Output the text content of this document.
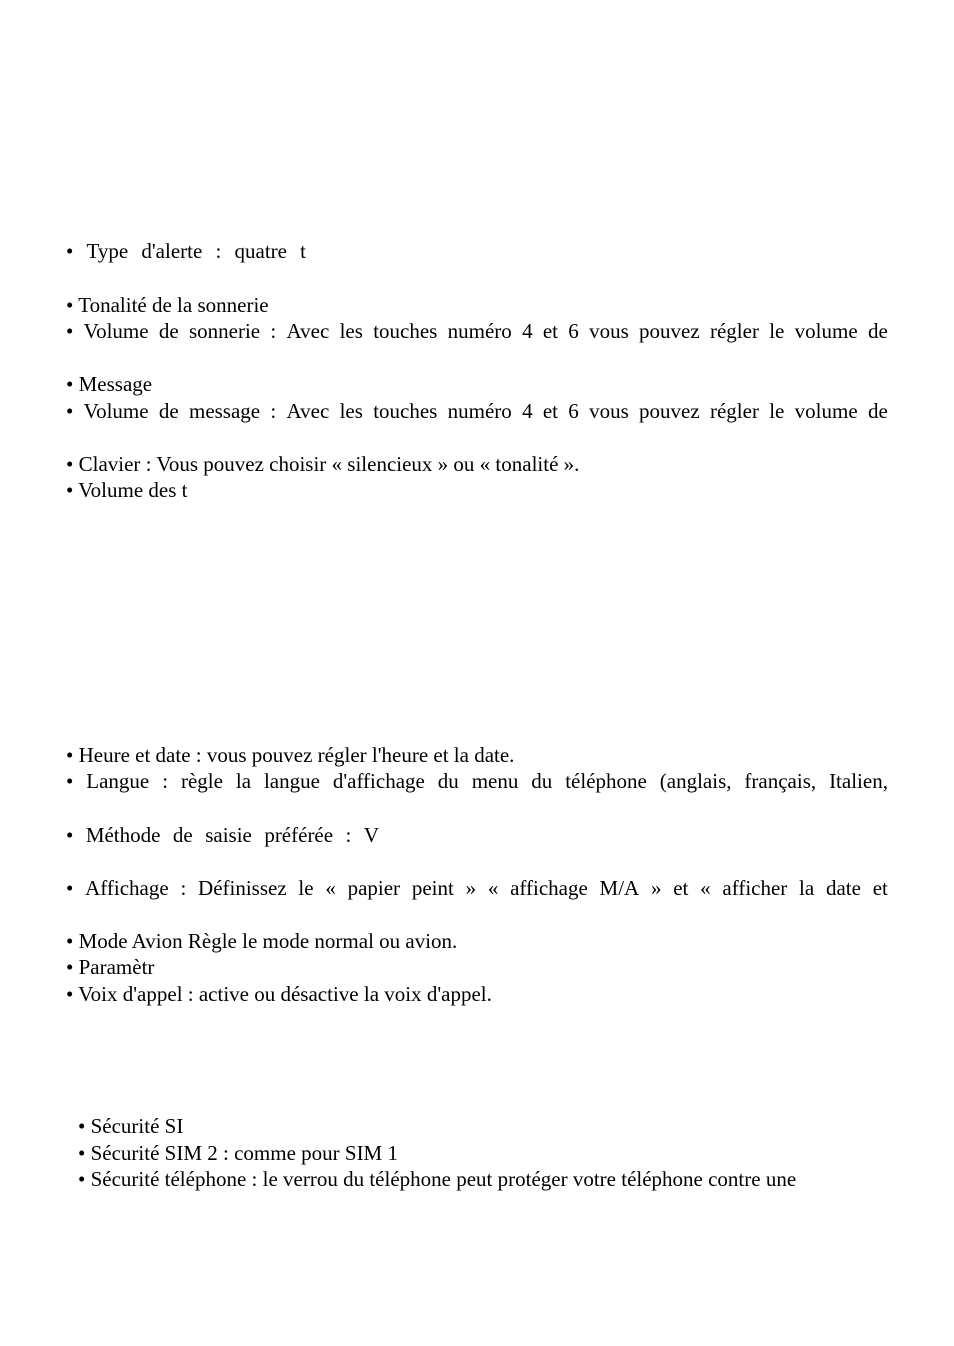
• Type d'alerte : quatre t
• Tonalité de la sonnerie
• Volume de sonnerie : Avec les touches numéro 4 et 6 vous pouvez régler le volume de
• Message
• Volume de message : Avec les touches numéro 4 et 6 vous pouvez régler le volume de
• Clavier : Vous pouvez choisir « silencieux » ou « tonalité ».
• Volume des t
• Heure et date : vous pouvez régler l'heure et la date.
• Langue : règle la langue d'affichage du menu du téléphone (anglais, français, Italien,
• Méthode de saisie préférée : V
• Affichage : Définissez le « papier peint » « affichage M/A » et « afficher la date et
• Mode Avion Règle le mode normal ou avion.
• Paramètr
• Voix d'appel : active ou désactive la voix d'appel.
• Sécurité SI
• Sécurité SIM 2 : comme pour SIM 1
• Sécurité téléphone : le verrou du téléphone peut protéger votre téléphone contre une
